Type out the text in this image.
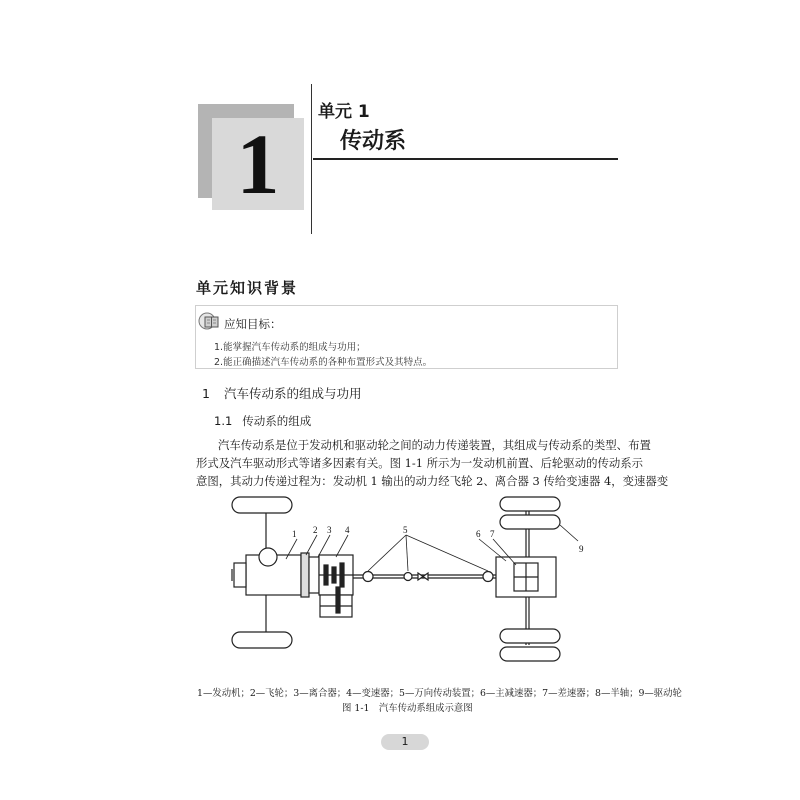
1
单元 1
传动系
单元知识背景
应知目标：
1.能掌握汽车传动系的组成与功用；
2.能正确描述汽车传动系的各种布置形式及其特点。
1 汽车传动系的组成与功用
1.1 传动系的组成
汽车传动系是位于发动机和驱动轮之间的动力传递装置，其组成与传动系的类型、布置
形式及汽车驱动形式等诸多因素有关。图 1-1 所示为一发动机前置、后轮驱动的传动系示
意图，其动力传递过程为：发动机 1 输出的动力经飞轮 2、离合器 3 传给变速器 4，变速器变
1 2 3 4	5	6 7
9
1—发动机；2—飞轮；3—离合器；4—变速器；5—万向传动装置；6—主减速器；7—差速器；8—半轴；9—驱动轮
图 1-1　汽车传动系组成示意图
1
